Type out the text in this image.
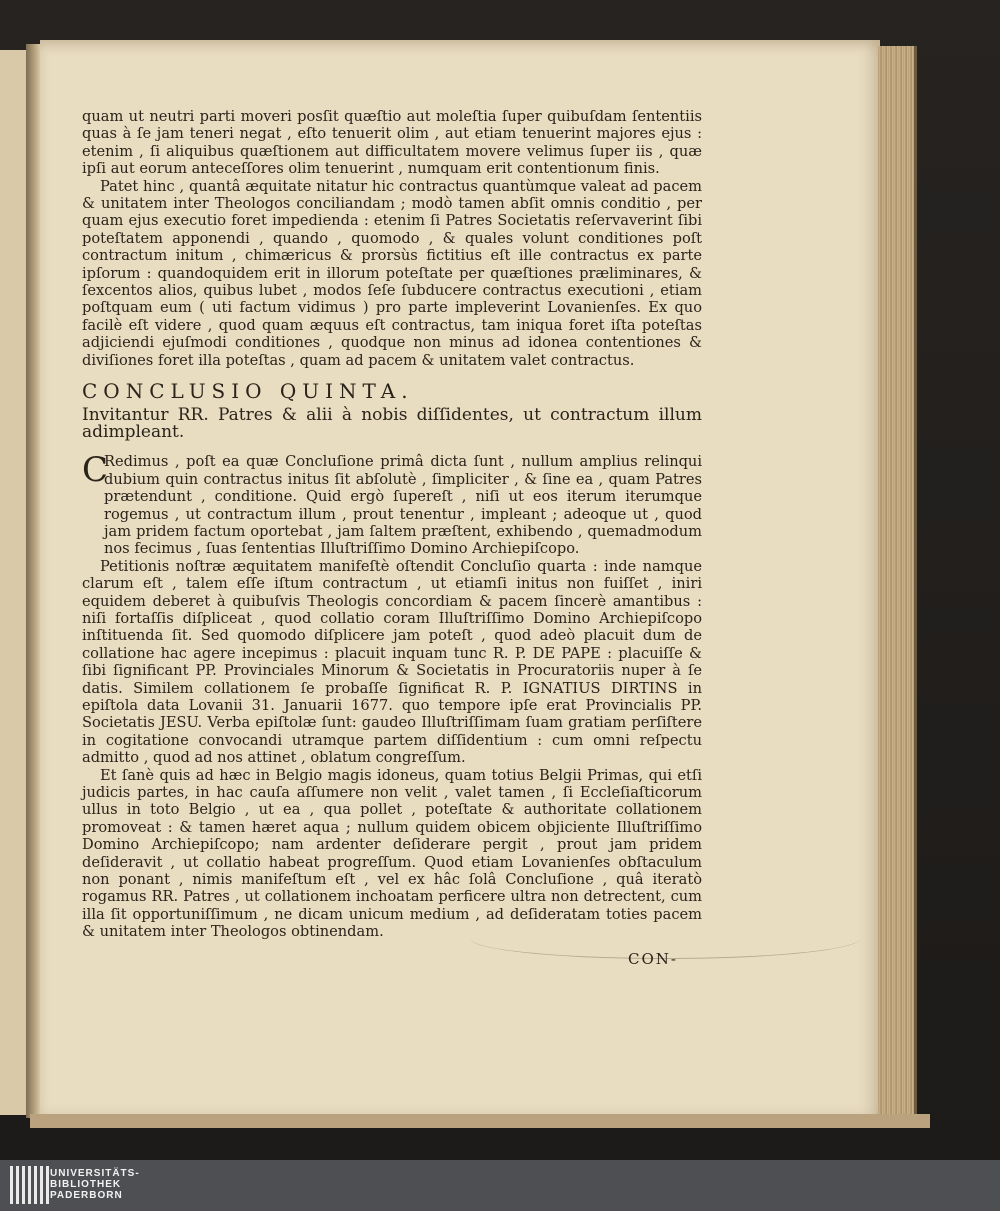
quam ut neutri parti moveri posſit quæſtio aut moleſtia ſuper quibuſdam ſententiis quas à ſe jam teneri negat , eſto tenuerit olim , aut etiam tenuerint majores ejus : etenim , ſi aliquibus quæſtionem aut difficultatem movere velimus ſuper iis , quæ ipſi aut eorum anteceſſores olim tenuerint , numquam erit contentionum finis.

Patet hinc , quantâ æquitate nitatur hic contractus quantùmque valeat ad pacem & unitatem inter Theologos conciliandam ; modò tamen abſit omnis conditio , per quam ejus executio foret impedienda : etenim ſi Patres Societatis reſervaverint ſibi poteſtatem apponendi , quando , quomodo , & quales volunt conditiones poſt contractum initum , chimæricus & prorsùs fictitius eſt ille contractus ex parte ipſorum : quandoquidem erit in illorum poteſtate per quæſtiones præliminares, & ſexcentos alios, quibus lubet , modos ſeſe ſubducere contractus executioni , etiam poſtquam eum ( uti factum vidimus ) pro parte impleverint Lovanienſes. Ex quo facilè eſt videre , quod quam æquus eſt contractus, tam iniqua foret iſta poteſtas adjiciendi ejuſmodi conditiones , quodque non minus ad idonea contentiones & diviſiones foret illa poteſtas , quam ad pacem & unitatem valet contractus.

CONCLUSIO QUINTA.

Invitantur RR. Patres & alii à nobis diſſidentes, ut contractum illum adimpleant.

C
Redimus , poſt ea quæ Concluſione primâ dicta ſunt , nullum amplius relinqui dubium quin contractus initus ſit abſolutè , ſimpliciter , & ſine ea , quam Patres prætendunt , conditione. Quid ergò ſupereſt , niſi ut eos iterum iterumque rogemus , ut contractum illum , prout tenentur , impleant ; adeoque ut , quod jam pridem factum oportebat , jam ſaltem præſtent, exhibendo , quemadmodum nos fecimus , ſuas ſententias Illuſtriſſimo Domino Archiepiſcopo.

Petitionis noſtræ æquitatem manifeſtè oſtendit Concluſio quarta : inde namque clarum eſt , talem eſſe iſtum contractum , ut etiamſi initus non fuiſſet , iniri equidem deberet à quibuſvis Theologis concordiam & pacem ſincerè amantibus : niſi fortaſſis diſpliceat , quod collatio coram Illuſtriſſimo Domino Archiepiſcopo inſtituenda ſit. Sed quomodo diſplicere jam poteſt , quod adeò placuit dum de collatione hac agere incepimus : placuit inquam tunc R. P. DE PAPE : placuiſſe & ſibi ſignificant PP. Provinciales Minorum & Societatis in Procuratoriis nuper à ſe datis. Similem collationem ſe probaſſe ſignificat R. P. IGNATIUS DIRTINS in epiſtola data Lovanii 31. Januarii 1677. quo tempore ipſe erat Provincialis PP. Societatis JESU. Verba epiſtolæ ſunt: gaudeo Illuſtriſſimam ſuam gratiam perſiſtere in cogitatione convocandi utramque partem diſſidentium : cum omni reſpectu admitto , quod ad nos attinet , oblatum congreſſum.

Et ſanè quis ad hæc in Belgio magis idoneus, quam totius Belgii Primas, qui etſi judicis partes, in hac cauſa aſſumere non velit , valet tamen , ſi Eccleſiaſticorum ullus in toto Belgio , ut ea , qua pollet , poteſtate & authoritate collationem promoveat : & tamen hæret aqua ; nullum quidem obicem objiciente Illuſtriſſimo Domino Archiepiſcopo; nam ardenter deſiderare pergit , prout jam pridem deſideravit , ut collatio habeat progreſſum. Quod etiam Lovanienſes obſtaculum non ponant , nimis manifeſtum eſt , vel ex hâc ſolâ Concluſione , quâ iteratò rogamus RR. Patres , ut collationem inchoatam perficere ultra non detrectent, cum illa ſit opportuniſſimum , ne dicam unicum medium , ad deſideratam toties pacem & unitatem inter Theologos obtinendam.

CON-
UNIVERSITÄTS-
BIBLIOTHEK
PADERBORN
